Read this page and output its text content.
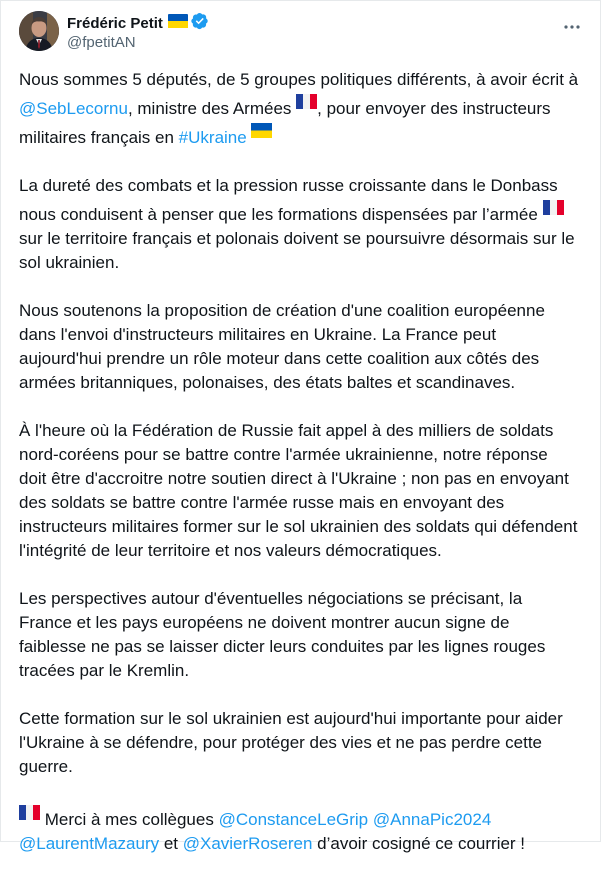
Frédéric Petit
@fpetitAN

Nous sommes 5 députés, de 5 groupes politiques différents, à avoir écrit à @SebLecornu, ministre des Armées , pour envoyer des instructeurs militaires français en #Ukraine

La dureté des combats et la pression russe croissante dans le Donbass nous conduisent à penser que les formations dispensées par l’armée  sur le territoire français et polonais doivent se poursuivre désormais sur le sol ukrainien.

Nous soutenons la proposition de création d'une coalition européenne dans l'envoi d'instructeurs militaires en Ukraine. La France peut aujourd'hui prendre un rôle moteur dans cette coalition aux côtés des armées britanniques, polonaises, des états baltes et scandinaves.

À l'heure où la Fédération de Russie fait appel à des milliers de soldats nord-coréens pour se battre contre l'armée ukrainienne, notre réponse doit être d'accroitre notre soutien direct à l'Ukraine ; non pas en envoyant des soldats se battre contre l'armée russe mais en envoyant des instructeurs militaires former sur le sol ukrainien des soldats qui défendent l'intégrité de leur territoire et nos valeurs démocratiques.

Les perspectives autour d'éventuelles négociations se précisant, la France et les pays européens ne doivent montrer aucun signe de faiblesse ne pas se laisser dicter leurs conduites par les lignes rouges tracées par le Kremlin.

Cette formation sur le sol ukrainien est aujourd'hui importante pour aider l'Ukraine à se défendre, pour protéger des vies et ne pas perdre cette guerre.

Merci à mes collègues @ConstanceLeGrip @AnnaPic2024 @LaurentMazaury et @XavierRoseren d’avoir cosigné ce courrier !
